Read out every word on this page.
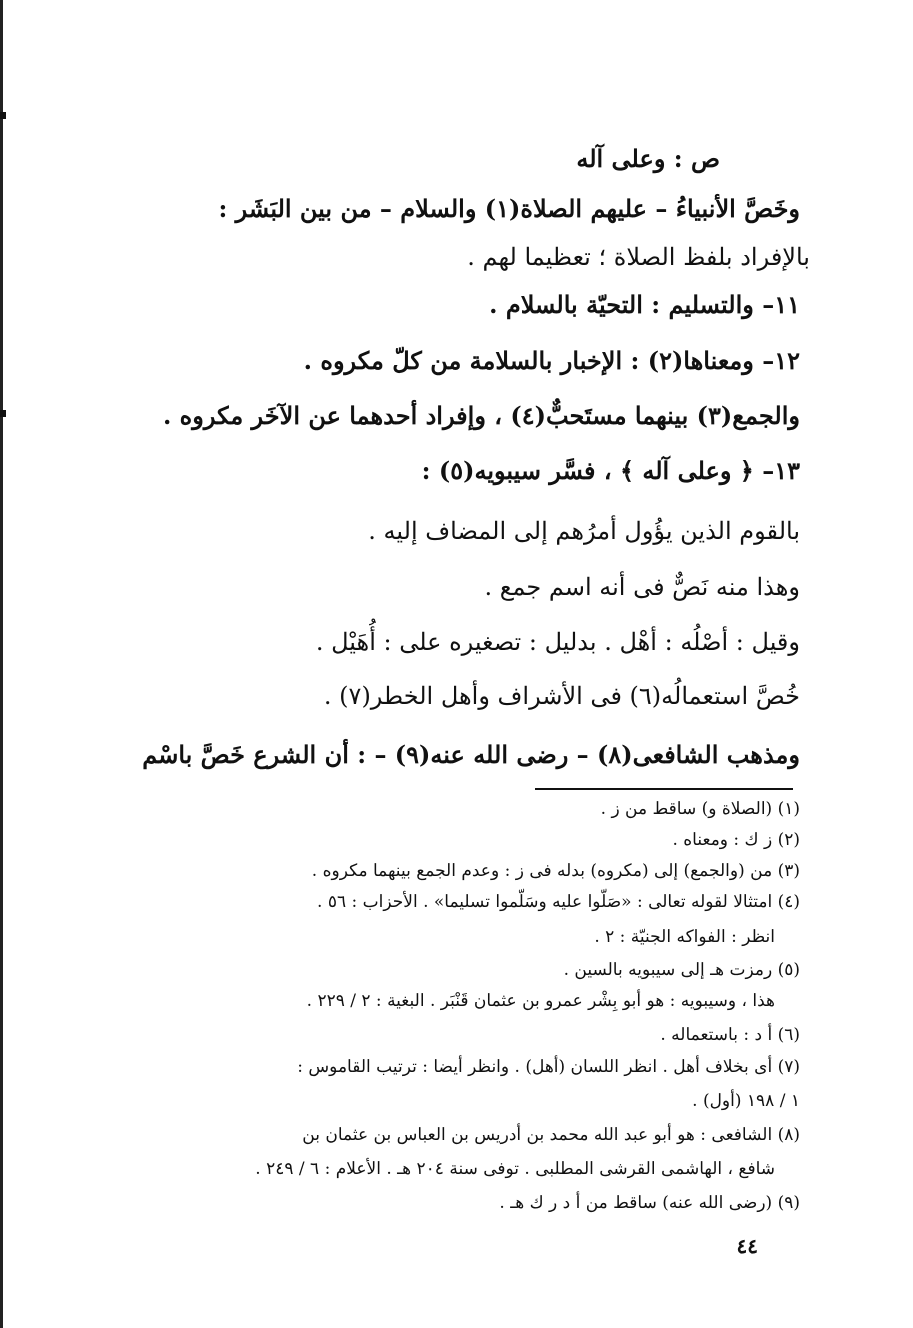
ص : وعلى آله
وخَصَّ الأنبياءُ – عليهم الصلاة(١) والسلام – من بين البَشَر :
بالإفراد بلفظ الصلاة ؛ تعظيما لهم .
١١– والتسليم : التحيّة بالسلام .
١٢– ومعناها(٢) : الإخبار بالسلامة من كلّ مكروه .
والجمع(٣) بينهما مستَحبٌّ(٤) ، وإفراد أحدهما عن الآخَر مكروه .
١٣– ﴿ وعلى آله ﴾ ، فسَّر سيبويه(٥) :
بالقوم الذين يؤُول أمرُهم إلى المضاف إليه .
وهذا منه نَصٌّ فى أنه اسم جمع .
وقيل : أصْلُه : أهْل . بدليل : تصغيره على : أُهَيْل .
خُصَّ استعمالُه(٦) فى الأشراف وأهل الخطر(٧) .
ومذهب الشافعى(٨) – رضى الله عنه(٩) – : أن الشرع خَصَّ باسْم
(١) (الصلاة و) ساقط من ز .
(٢) ز ك : ومعناه .
(٣) من (والجمع) إلى (مكروه) بدله فى ز : وعدم الجمع بينهما مكروه .
(٤) امتثالا لقوله تعالى : «صَلّوا عليه وسَلّموا تسليما» . الأحزاب : ٥٦ .
انظر : الفواكه الجنيّة : ٢ .
(٥) رمزت هـ إلى سيبويه بالسين .
هذا ، وسيبويه : هو أبو بِشْر عمرو بن عثمان قَنْبَر . البغية : ٢ / ٢٢٩ .
(٦) أ د : باستعماله .
(٧) أى بخلاف أهل . انظر اللسان (أهل) . وانظر أيضا : ترتيب القاموس :
١ / ١٩٨ (أول) .
(٨) الشافعى : هو أبو عبد الله محمد بن أدريس بن العباس بن عثمان بن
شافع ، الهاشمى القرشى المطلبى . توفى سنة ٢٠٤ هـ . الأعلام : ٦ / ٢٤٩ .
(٩) (رضى الله عنه) ساقط من أ د ر ك هـ .
٤٤
